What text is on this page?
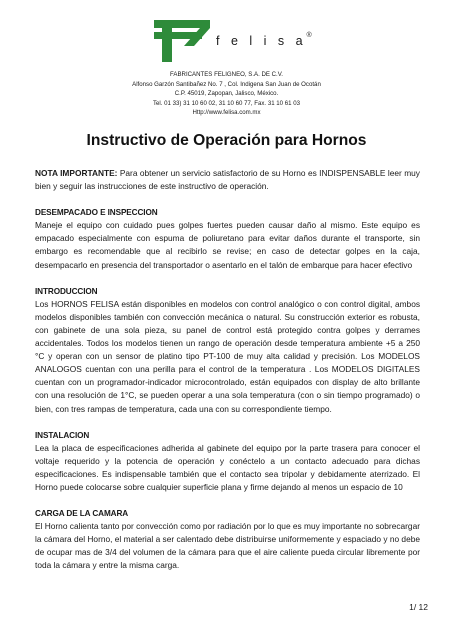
f e l i s a®
FABRICANTES FELIGNEO, S.A. DE C.V.
Alfonso Garzón Santibañez No. 7 , Col. Indigena San Juan de Ocotán
C.P. 45019, Zapopan, Jalisco, México.
Tel. 01 33) 31 10 60 02, 31 10 60 77, Fax. 31 10 61 03
Http://www.felisa.com.mx
Instructivo de Operación para Hornos

NOTA IMPORTANTE: Para obtener un servicio satisfactorio de su Horno es INDISPENSABLE leer muy bien y seguir las instrucciones de este instructivo de operación.

DESEMPACADO E INSPECCION

Maneje el equipo con cuidado pues golpes fuertes pueden causar daño al mismo. Este equipo es empacado especialmente con espuma de poliuretano para evitar daños durante el transporte, sin embargo es recomendable que al recibirlo se revise; en caso de detectar golpes en la caja, desempacarlo en presencia del transportador o asentarlo en el talón de embarque para hacer efectivo

INTRODUCCION

Los HORNOS FELISA están disponibles en modelos con control analógico o con control digital, ambos modelos disponibles también con convección mecánica o natural. Su construcción exterior es robusta, con gabinete de una sola pieza, su panel de control está protegido contra golpes y derrames accidentales. Todos los modelos tienen un rango de operación desde temperatura ambiente +5 a 250 °C y operan con un sensor de platino tipo PT-100 de muy alta calidad y precisión. Los MODELOS ANALOGOS cuentan con una perilla para el control de la temperatura . Los MODELOS DIGITALES cuentan con un programador-indicador microcontrolado, están equipados con display de alto brillante con una resolución de 1°C, se pueden operar a una sola temperatura (con o sin tiempo programado) o bien, con tres rampas de temperatura, cada una con su correspondiente tiempo.

INSTALACION

Lea la placa de especificaciones adherida al gabinete del equipo por la parte trasera para conocer el voltaje requerido y la potencia de operación y conéctelo a un contacto adecuado para dichas especificaciones. Es indispensable también que el contacto sea tripolar y debidamente aterrizado. El Horno puede colocarse sobre cualquier superficie plana y firme dejando al menos un espacio de 10

CARGA DE LA CAMARA

El Horno calienta tanto por convección como por radiación por lo que es muy importante no sobrecargar la cámara del Horno, el material a ser calentado debe distribuirse uniformemente y espaciado y no debe de ocupar mas de 3/4 del volumen de la cámara para que el aire caliente pueda circular libremente por toda la cámara y entre la misma carga.

1/ 12
